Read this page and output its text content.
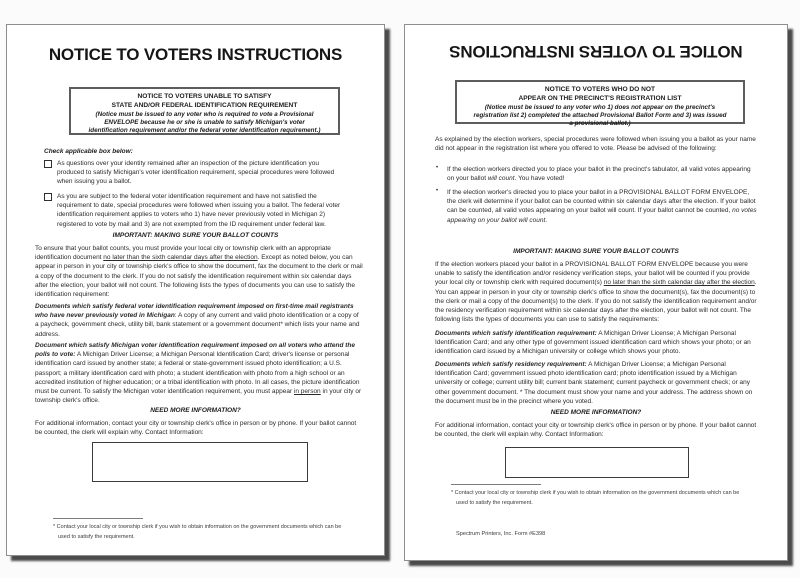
NOTICE TO VOTERS INSTRUCTIONS
NOTICE TO VOTERS UNABLE TO SATISFY
STATE AND/OR FEDERAL IDENTIFICATION REQUIREMENT
(Notice must be issued to any voter who is required to vote a Provisional ENVELOPE because he or she is unable to satisfy Michigan's voter identification requirement and/or the federal voter identification requirement.)
Check applicable box below:
As questions over your identity remained after an inspection of the picture identification you produced to satisfy Michigan's voter identification requirement, special procedures were followed when issuing you a ballot.
As you are subject to the federal voter identification requirement and have not satisfied the requirement to date, special procedures were followed when issuing you a ballot. The federal voter identification requirement applies to voters who 1) have never previously voted in Michigan 2) registered to vote by mail and 3) are not exempted from the ID requirement under federal law.
IMPORTANT: MAKING SURE YOUR BALLOT COUNTS
To ensure that your ballot counts, you must provide your local city or township clerk with an appropriate identification document no later than the sixth calendar days after the election. Except as noted below, you can appear in person in your city or township clerk's office to show the document, fax the document to the clerk or mail a copy of the document to the clerk. If you do not satisfy the identification requirement within six calendar days after the election, your ballot will not count. The following lists the types of documents you can use to satisfy the identification requirement:
Documents which satisfy federal voter identification requirement imposed on first-time mail registrants who have never previously voted in Michigan: A copy of any current and valid photo identification or a copy of a paycheck, government check, utility bill, bank statement or a government document* which lists your name and address.
Document which satisfy Michigan voter identification requirement imposed on all voters who attend the polls to vote: A Michigan Driver License; a Michigan Personal Identification Card; driver's license or personal identification card issued by another state; a federal or state-government issued photo identification; a U.S. passport; a military identification card with photo; a student identification with photo from a high school or an accredited institution of higher education; or a tribal identification with photo. In all cases, the picture identification must be current. To satisfy the Michigan voter identification requirement, you must appear in person in your city or township clerk's office.
NEED MORE INFORMATION?
For additional information, contact your city or township clerk's office in person or by phone. If your ballot cannot be counted, the clerk will explain why. Contact Information:
* Contact your local city or township clerk if you wish to obtain information on the government documents which can be used to satisfy the requirement.
NOTICE TO VOTERS INSTRUCTIONS
NOTICE TO VOTERS WHO DO NOT
APPEAR ON THE PRECINCT'S REGISTRATION LIST
(Notice must be issued to any voter who 1) does not appear on the precinct's registration list 2) completed the attached Provisional Ballot Form and 3) was issued a provisional ballot.)
As explained by the election workers, special procedures were followed when issuing you a ballot as your name did not appear in the registration list where you offered to vote. Please be advised of the following:
• If the election workers directed you to place your ballot in the precinct's tabulator, all valid votes appearing on your ballot will count. You have voted!
• If the election worker's directed you to place your ballot in a PROVISIONAL BALLOT FORM ENVELOPE, the clerk will determine if your ballot can be counted within six calendar days after the election. If your ballot can be counted, all valid votes appearing on your ballot will count. If your ballot cannot be counted, no votes appearing on your ballot will count.
IMPORTANT: MAKING SURE YOUR BALLOT COUNTS
If the election workers placed your ballot in a PROVISIONAL BALLOT FORM ENVELOPE because you were unable to satisfy the identification and/or residency verification steps, your ballot will be counted if you provide your local city or township clerk with required document(s) no later than the sixth calendar day after the election. You can appear in person in your city or township clerk's office to show the document(s), fax the document(s) to the clerk or mail a copy of the document(s) to the clerk. If you do not satisfy the identification requirement and/or the residency verification requirement within six calendar days after the election, your ballot will not count. The following lists the types of documents you can use to satisfy the requirements:
Documents which satisfy identification requirement: A Michigan Driver License; A Michigan Personal Identification Card; and any other type of government issued identification card which shows your photo; or an identification card issued by a Michigan university or college which shows your photo.
Documents which satisfy residency requirement: A Michigan Driver License; a Michigan Personal Identification Card; government issued photo identification card; photo identification issued by a Michigan university or college; current utility bill; current bank statement; current paycheck or government check; or any other government document. * The document must show your name and your address. The address shown on the document must be in the precinct where you voted.
NEED MORE INFORMATION?
For additional information, contact your city or township clerk's office in person or by phone. If your ballot cannot be counted, the clerk will explain why. Contact Information:
* Contact your local city or township clerk if you wish to obtain information on the government documents which can be used to satisfy the requirement.
Spectrum Printers, Inc. Form #E398
